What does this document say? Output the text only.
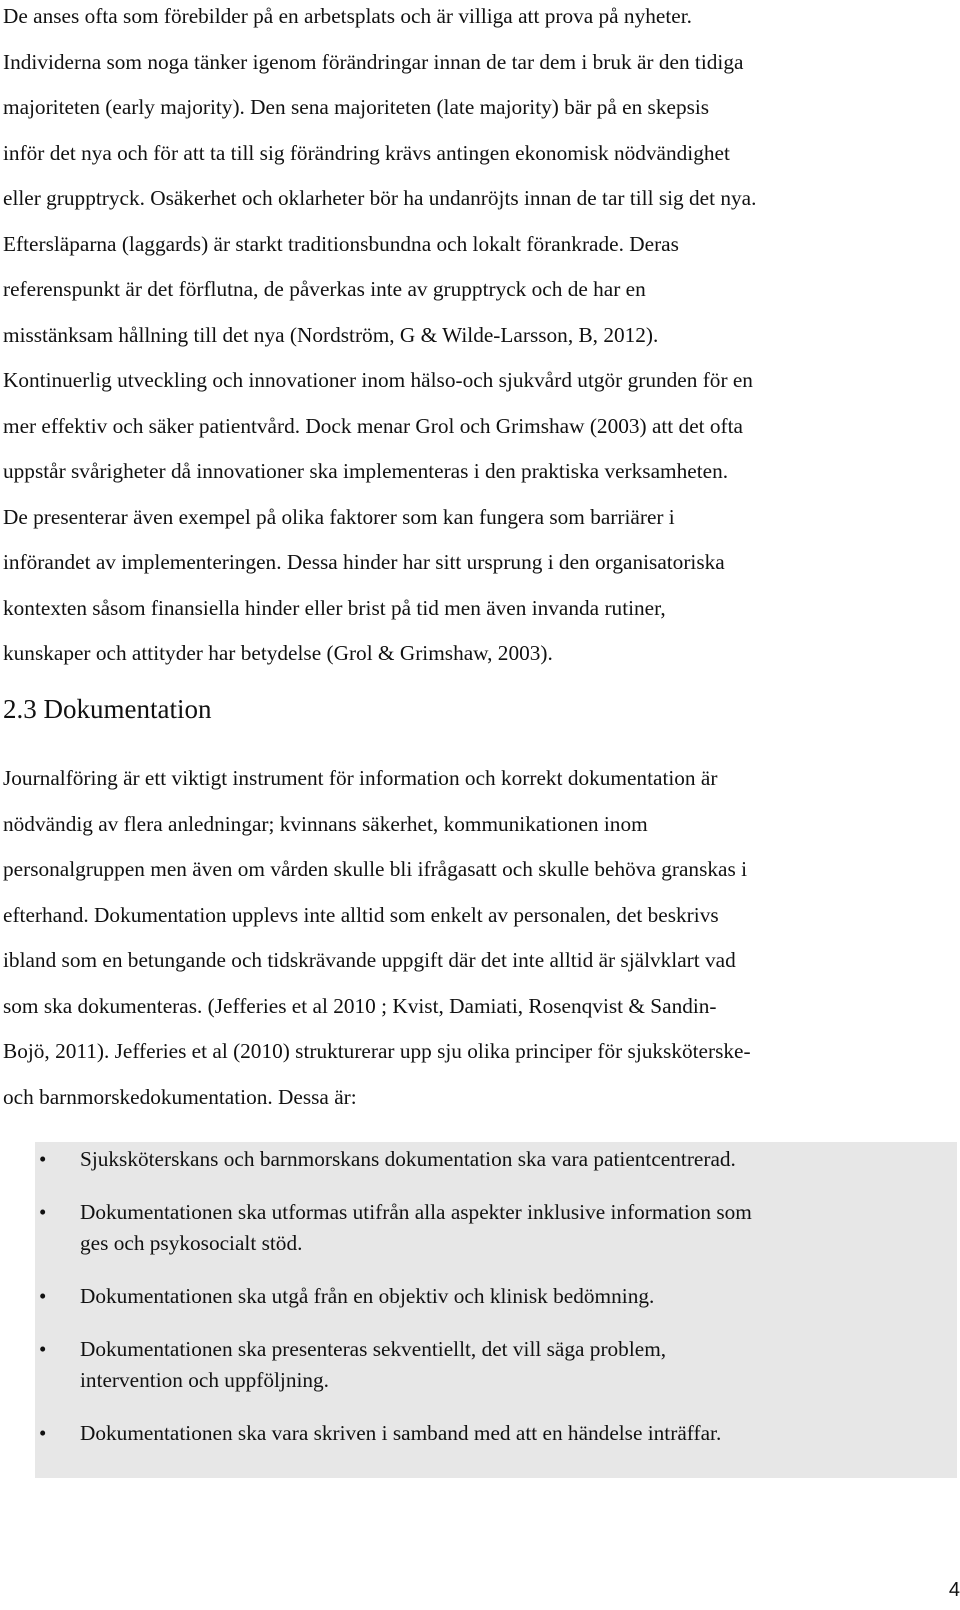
De anses ofta som förebilder på en arbetsplats och är villiga att prova på nyheter.
Individerna som noga tänker igenom förändringar innan de tar dem i bruk är den tidiga
majoriteten (early majority). Den sena majoriteten (late majority) bär på en skepsis
inför det nya och för att ta till sig förändring krävs antingen ekonomisk nödvändighet
eller grupptryck. Osäkerhet och oklarheter bör ha undanröjts innan de tar till sig det nya.
Eftersläparna (laggards) är starkt traditionsbundna och lokalt förankrade. Deras
referenspunkt är det förflutna, de påverkas inte av grupptryck och de har en
misstänksam hållning till det nya (Nordström, G & Wilde-Larsson, B, 2012).
Kontinuerlig utveckling och innovationer inom hälso-och sjukvård utgör grunden för en
mer effektiv och säker patientvård. Dock menar Grol och Grimshaw (2003) att det ofta
uppstår svårigheter då innovationer ska implementeras i den praktiska verksamheten.
De presenterar även exempel på olika faktorer som kan fungera som barriärer i
införandet av implementeringen. Dessa hinder har sitt ursprung i den organisatoriska
kontexten såsom finansiella hinder eller brist på tid men även invanda rutiner,
kunskaper och attityder har betydelse (Grol & Grimshaw, 2003).

2.3 Dokumentation

Journalföring är ett viktigt instrument för information och korrekt dokumentation är
nödvändig av flera anledningar; kvinnans säkerhet, kommunikationen inom
personalgruppen men även om vården skulle bli ifrågasatt och skulle behöva granskas i
efterhand. Dokumentation upplevs inte alltid som enkelt av personalen, det beskrivs
ibland som en betungande och tidskrävande uppgift där det inte alltid är självklart vad
som ska dokumenteras. (Jefferies et al 2010 ; Kvist, Damiati, Rosenqvist & Sandin-
Bojö, 2011). Jefferies et al (2010) strukturerar upp sju olika principer för sjuksköterske-
och barnmorskedokumentation. Dessa är:

• Sjuksköterskans och barnmorskans dokumentation ska vara patientcentrerad.
• Dokumentationen ska utformas utifrån alla aspekter inklusive information som
ges och psykosocialt stöd.
• Dokumentationen ska utgå från en objektiv och klinisk bedömning.
• Dokumentationen ska presenteras sekventiellt, det vill säga problem,
intervention och uppföljning.
• Dokumentationen ska vara skriven i samband med att en händelse inträffar.

4
